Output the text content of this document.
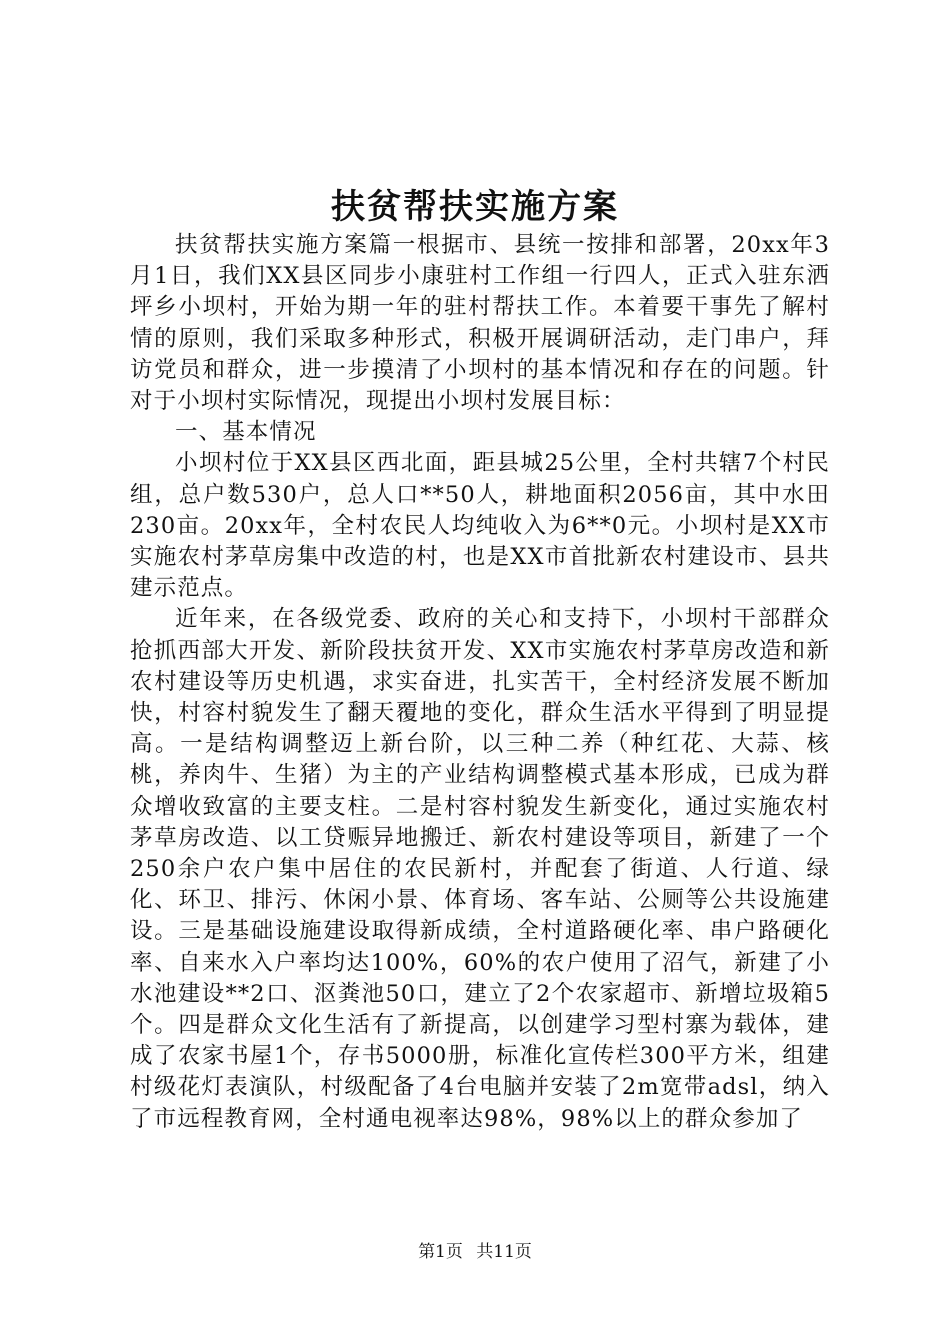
扶贫帮扶实施方案

扶贫帮扶实施方案篇一根据市、县统一按排和部署，20xx年3月1日，我们XX县区同步小康驻村工作组一行四人，正式入驻东洒坪乡小坝村，开始为期一年的驻村帮扶工作。本着要干事先了解村情的原则，我们采取多种形式，积极开展调研活动，走门串户，拜访党员和群众，进一步摸清了小坝村的基本情况和存在的问题。针对于小坝村实际情况，现提出小坝村发展目标：

一、基本情况

小坝村位于XX县区西北面，距县城25公里，全村共辖7个村民组，总户数530户，总人口**50人，耕地面积2056亩，其中水田230亩。20xx年，全村农民人均纯收入为6**0元。小坝村是XX市实施农村茅草房集中改造的村，也是XX市首批新农村建设市、县共建示范点。

近年来，在各级党委、政府的关心和支持下，小坝村干部群众抢抓西部大开发、新阶段扶贫开发、XX市实施农村茅草房改造和新农村建设等历史机遇，求实奋进，扎实苦干，全村经济发展不断加快，村容村貌发生了翻天覆地的变化，群众生活水平得到了明显提高。一是结构调整迈上新台阶，以三种二养（种红花、大蒜、核桃，养肉牛、生猪）为主的产业结构调整模式基本形成，已成为群众增收致富的主要支柱。二是村容村貌发生新变化，通过实施农村茅草房改造、以工贷赈异地搬迁、新农村建设等项目，新建了一个250余户农户集中居住的农民新村，并配套了街道、人行道、绿化、环卫、排污、休闲小景、体育场、客车站、公厕等公共设施建设。三是基础设施建设取得新成绩，全村道路硬化率、串户路硬化率、自来水入户率均达100%，60%的农户使用了沼气，新建了小水池建设**2口、沤粪池50口，建立了2个农家超市、新增垃圾箱5个。四是群众文化生活有了新提高，以创建学习型村寨为载体，建成了农家书屋1个，存书5000册，标准化宣传栏300平方米，组建村级花灯表演队，村级配备了4台电脑并安装了2m宽带adsl，纳入了市远程教育网，全村通电视率达98%，98%以上的群众参加了

第1页 共11页
